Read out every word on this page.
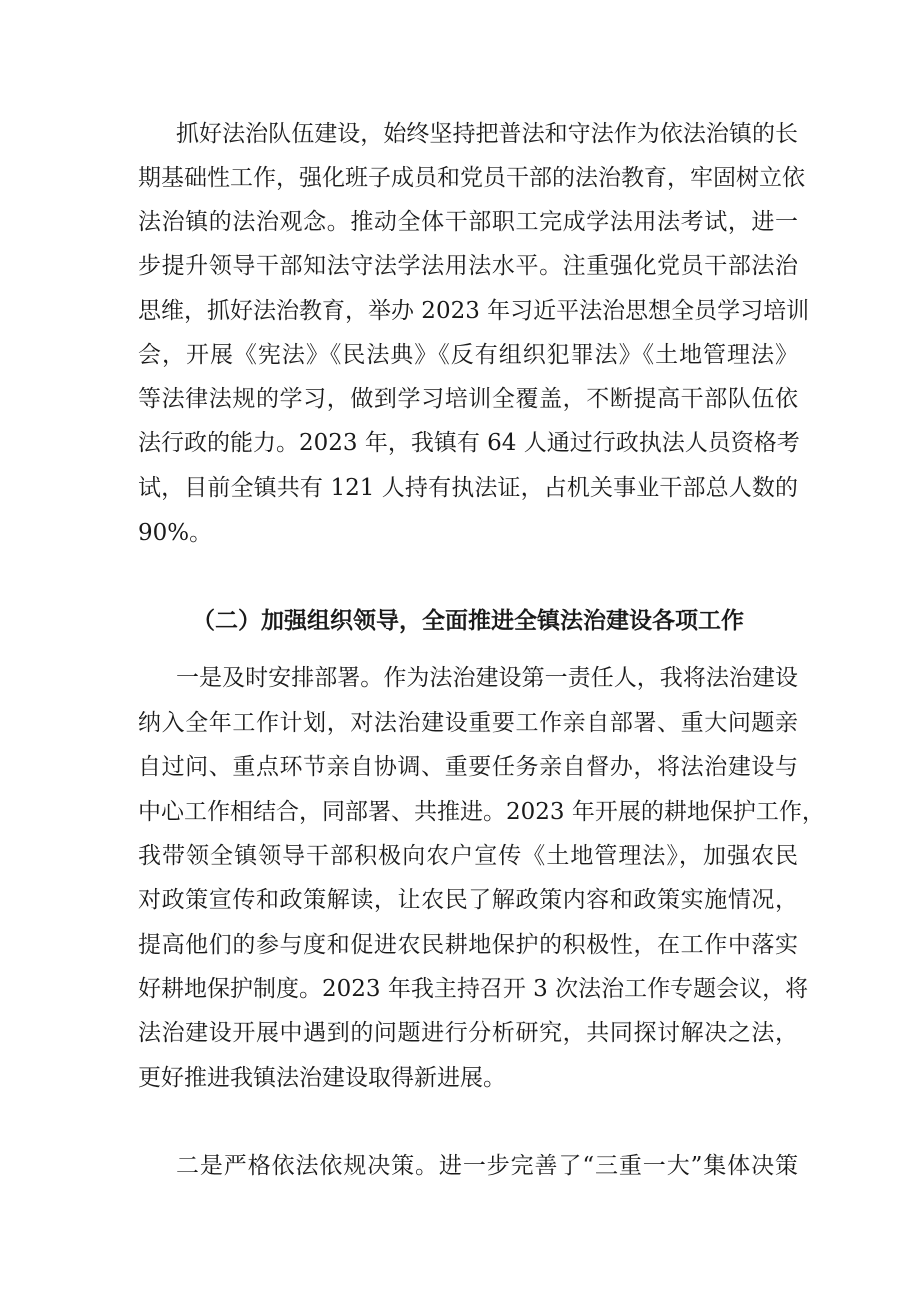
抓好法治队伍建设，始终坚持把普法和守法作为依法治镇的长
期基础性工作，强化班子成员和党员干部的法治教育，牢固树立依
法治镇的法治观念。推动全体干部职工完成学法用法考试，进一
步提升领导干部知法守法学法用法水平。注重强化党员干部法治
思维，抓好法治教育，举办 2023 年习近平法治思想全员学习培训
会，开展《宪法》《民法典》《反有组织犯罪法》《土地管理法》
等法律法规的学习，做到学习培训全覆盖，不断提高干部队伍依
法行政的能力。2023 年，我镇有 64 人通过行政执法人员资格考
试，目前全镇共有 121 人持有执法证，占机关事业干部总人数的
90%。
（二）加强组织领导，全面推进全镇法治建设各项工作
一是及时安排部署。作为法治建设第一责任人，我将法治建设
纳入全年工作计划，对法治建设重要工作亲自部署、重大问题亲
自过问、重点环节亲自协调、重要任务亲自督办，将法治建设与
中心工作相结合，同部署、共推进。2023 年开展的耕地保护工作，
我带领全镇领导干部积极向农户宣传《土地管理法》，加强农民
对政策宣传和政策解读，让农民了解政策内容和政策实施情况，
提高他们的参与度和促进农民耕地保护的积极性，在工作中落实
好耕地保护制度。2023 年我主持召开 3 次法治工作专题会议，将
法治建设开展中遇到的问题进行分析研究，共同探讨解决之法，
更好推进我镇法治建设取得新进展。
二是严格依法依规决策。进一步完善了“三重一大”集体决策
